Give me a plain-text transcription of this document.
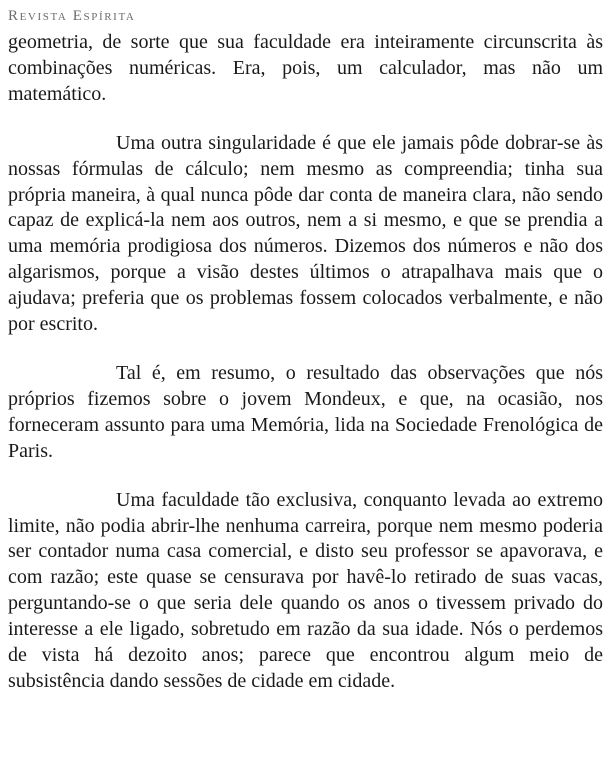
Revista Espírita

geometria, de sorte que sua faculdade era inteiramente circunscrita às combinações numéricas. Era, pois, um calculador, mas não um matemático.

Uma outra singularidade é que ele jamais pôde dobrar-se às nossas fórmulas de cálculo; nem mesmo as compreendia; tinha sua própria maneira, à qual nunca pôde dar conta de maneira clara, não sendo capaz de explicá-la nem aos outros, nem a si mesmo, e que se prendia a uma memória prodigiosa dos números. Dizemos dos números e não dos algarismos, porque a visão destes últimos o atrapalhava mais que o ajudava; preferia que os problemas fossem colocados verbalmente, e não por escrito.

Tal é, em resumo, o resultado das observações que nós próprios fizemos sobre o jovem Mondeux, e que, na ocasião, nos forneceram assunto para uma Memória, lida na Sociedade Frenológica de Paris.

Uma faculdade tão exclusiva, conquanto levada ao extremo limite, não podia abrir-lhe nenhuma carreira, porque nem mesmo poderia ser contador numa casa comercial, e disto seu professor se apavorava, e com razão; este quase se censurava por havê-lo retirado de suas vacas, perguntando-se o que seria dele quando os anos o tivessem privado do interesse a ele ligado, sobretudo em razão da sua idade. Nós o perdemos de vista há dezoito anos; parece que encontrou algum meio de subsistência dando sessões de cidade em cidade.
